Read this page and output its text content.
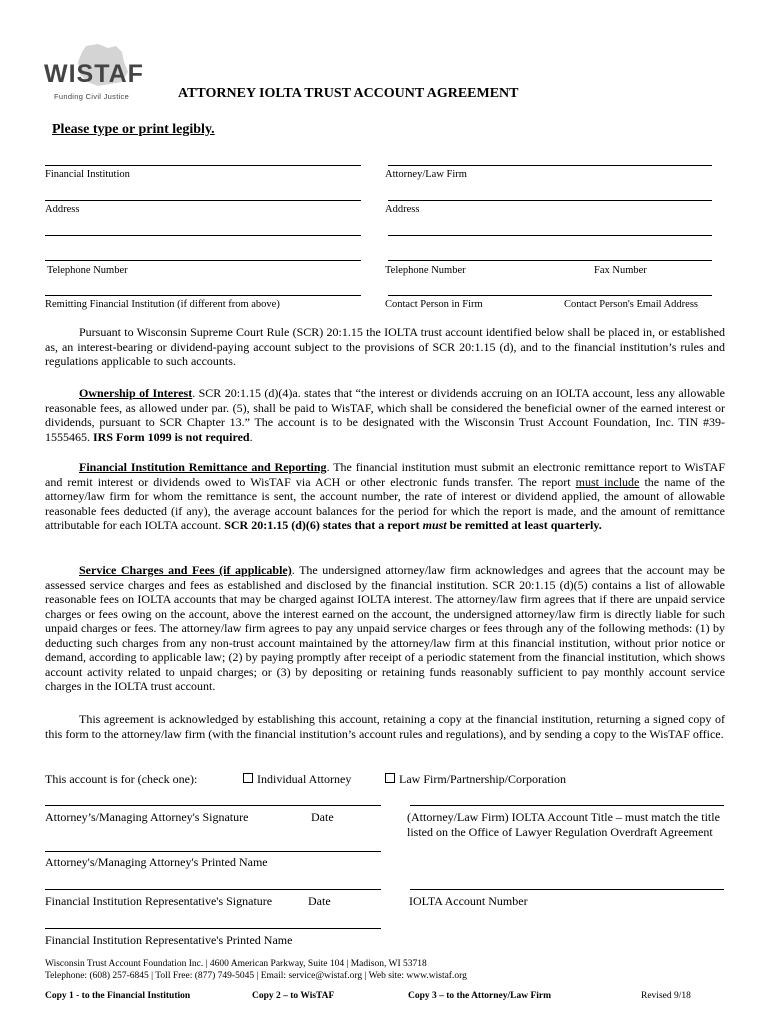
WISTAF
Funding Civil Justice	ATTORNEY IOLTA TRUST ACCOUNT AGREEMENT
Please type or print legibly.
Financial Institution	Attorney/Law Firm
Address	Address
Telephone Number	Telephone Number	Fax Number
Remitting Financial Institution (if different from above)	Contact Person in Firm	Contact Person's Email Address
Pursuant to Wisconsin Supreme Court Rule (SCR) 20:1.15 the IOLTA trust account identified below shall be placed in, or established as, an interest-bearing or dividend-paying account subject to the provisions of SCR 20:1.15 (d), and to the financial institution’s rules and regulations applicable to such accounts.
Ownership of Interest. SCR 20:1.15 (d)(4)a. states that “the interest or dividends accruing on an IOLTA account, less any allowable reasonable fees, as allowed under par. (5), shall be paid to WisTAF, which shall be considered the beneficial owner of the earned interest or dividends, pursuant to SCR Chapter 13.” The account is to be designated with the Wisconsin Trust Account Foundation, Inc. TIN #39-1555465. IRS Form 1099 is not required.
Financial Institution Remittance and Reporting. The financial institution must submit an electronic remittance report to WisTAF and remit interest or dividends owed to WisTAF via ACH or other electronic funds transfer. The report must include the name of the attorney/law firm for whom the remittance is sent, the account number, the rate of interest or dividend applied, the amount of allowable reasonable fees deducted (if any), the average account balances for the period for which the report is made, and the amount of remittance attributable for each IOLTA account. SCR 20:1.15 (d)(6) states that a report must be remitted at least quarterly.
Service Charges and Fees (if applicable). The undersigned attorney/law firm acknowledges and agrees that the account may be assessed service charges and fees as established and disclosed by the financial institution. SCR 20:1.15 (d)(5) contains a list of allowable reasonable fees on IOLTA accounts that may be charged against IOLTA interest. The attorney/law firm agrees that if there are unpaid service charges or fees owing on the account, above the interest earned on the account, the undersigned attorney/law firm is directly liable for such unpaid charges or fees. The attorney/law firm agrees to pay any unpaid service charges or fees through any of the following methods: (1) by deducting such charges from any non-trust account maintained by the attorney/law firm at this financial institution, without prior notice or demand, according to applicable law; (2) by paying promptly after receipt of a periodic statement from the financial institution, which shows account activity related to unpaid charges; or (3) by depositing or retaining funds reasonably sufficient to pay monthly account service charges in the IOLTA trust account.
This agreement is acknowledged by establishing this account, retaining a copy at the financial institution, returning a signed copy of this form to the attorney/law firm (with the financial institution’s account rules and regulations), and by sending a copy to the WisTAF office.
This account is for (check one):	Individual Attorney	Law Firm/Partnership/Corporation
Attorney’s/Managing Attorney's Signature	Date	(Attorney/Law Firm) IOLTA Account Title – must match the title listed on the Office of Lawyer Regulation Overdraft Agreement
Attorney's/Managing Attorney's Printed Name
Financial Institution Representative's Signature	Date	IOLTA Account Number
Financial Institution Representative's Printed Name
Wisconsin Trust Account Foundation Inc. | 4600 American Parkway, Suite 104 | Madison, WI 53718
Telephone: (608) 257-6845 | Toll Free: (877) 749-5045 | Email: service@wistaf.org | Web site: www.wistaf.org
Copy 1 - to the Financial Institution	Copy 2 – to WisTAF	Copy 3 – to the Attorney/Law Firm	Revised 9/18
